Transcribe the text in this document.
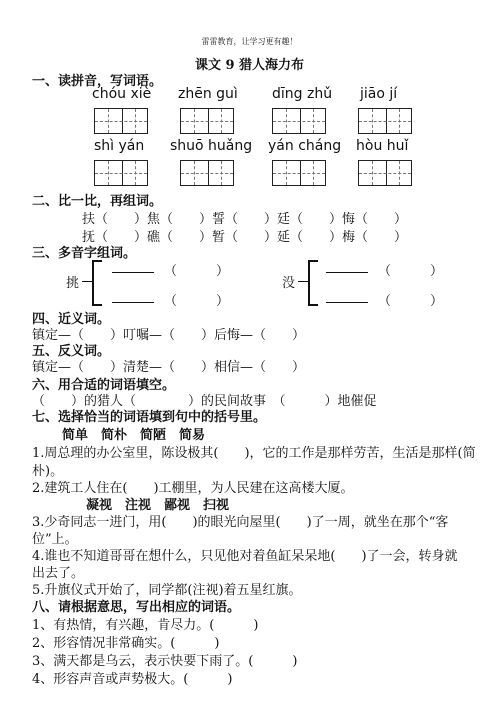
雷雷教育，让学习更有趣！
课文 9 猎人海力布
一、读拼音，写词语。
chóu xiè zhēn guì dīng zhǔ jiāo jí
shì yán shuō huǎng yán cháng hòu huǐ
二、比一比，再组词。
扶（　　）焦（　　）誓（　　）廷（　　）悔（　　）
抚（　　）礁（　　）暂（　　）延（　　）梅（　　）
三、多音字组词。
挑
（　　　）
（　　　）
没
（　　　）
（　　　）
四、近义词。
镇定—（　　）叮嘱—（　　）后悔—（　　）
五、反义词。
镇定—（　　）清楚—（　　）相信—（　　）
六、用合适的词语填空。
（　　）的猎人（　　　　）的民间故事　（　　　）地催促
七、选择恰当的词语填到句中的括号里。
简单　简朴　简陋　简易
1.周总理的办公室里，陈设极其(　　)，它的工作是那样劳苦，生活是那样(简
朴)。
2.建筑工人住在(　　)工棚里，为人民建在这高楼大厦。
凝视　注视　鄙视　扫视
3.少奇同志一进门，用(　　)的眼光向屋里(　　)了一周，就坐在那个“客
位”上。
4.谁也不知道哥哥在想什么，只见他对着鱼缸呆呆地(　　)了一会，转身就
出去了。
5.升旗仪式开始了，同学都(注视)着五星红旗。
八、请根据意思，写出相应的词语。
1、有热情，有兴趣，肯尽力。(　　　)
2、形容情况非常确实。(　　　)
3、满天都是乌云，表示快要下雨了。(　　　)
4、形容声音或声势极大。(　　　)
